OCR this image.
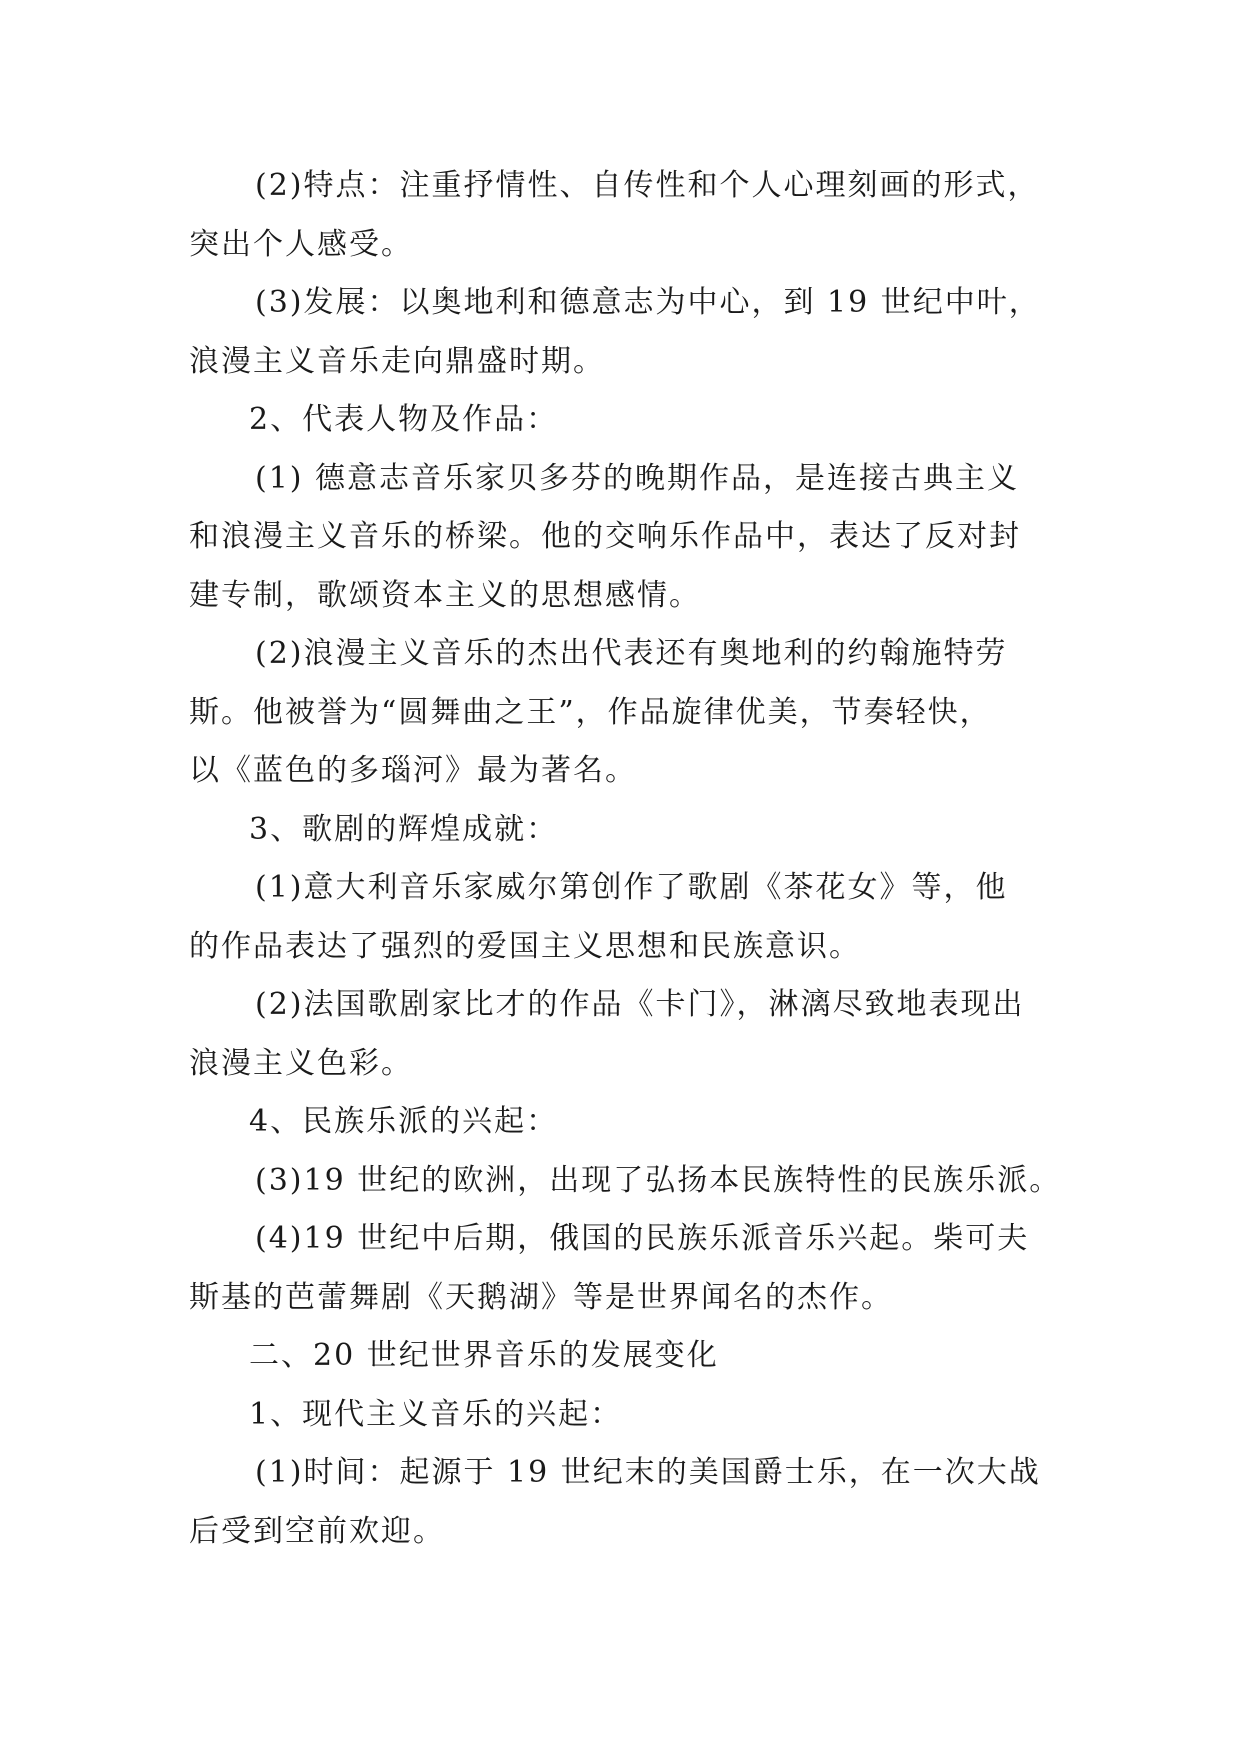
(2)特点：注重抒情性、自传性和个人心理刻画的形式，
突出个人感受。
(3)发展：以奥地利和德意志为中心，到 19 世纪中叶，
浪漫主义音乐走向鼎盛时期。
2、代表人物及作品：
(1) 德意志音乐家贝多芬的晚期作品，是连接古典主义
和浪漫主义音乐的桥梁。他的交响乐作品中，表达了反对封
建专制，歌颂资本主义的思想感情。
(2)浪漫主义音乐的杰出代表还有奥地利的约翰施特劳
斯。他被誉为“圆舞曲之王”，作品旋律优美，节奏轻快，
以《蓝色的多瑙河》最为著名。
3、歌剧的辉煌成就：
(1)意大利音乐家威尔第创作了歌剧《茶花女》等，他
的作品表达了强烈的爱国主义思想和民族意识。
(2)法国歌剧家比才的作品《卡门》，淋漓尽致地表现出
浪漫主义色彩。
4、民族乐派的兴起：
(3)19 世纪的欧洲，出现了弘扬本民族特性的民族乐派。
(4)19 世纪中后期，俄国的民族乐派音乐兴起。柴可夫
斯基的芭蕾舞剧《天鹅湖》等是世界闻名的杰作。
二、20 世纪世界音乐的发展变化
1、现代主义音乐的兴起：
(1)时间：起源于 19 世纪末的美国爵士乐，在一次大战
后受到空前欢迎。
